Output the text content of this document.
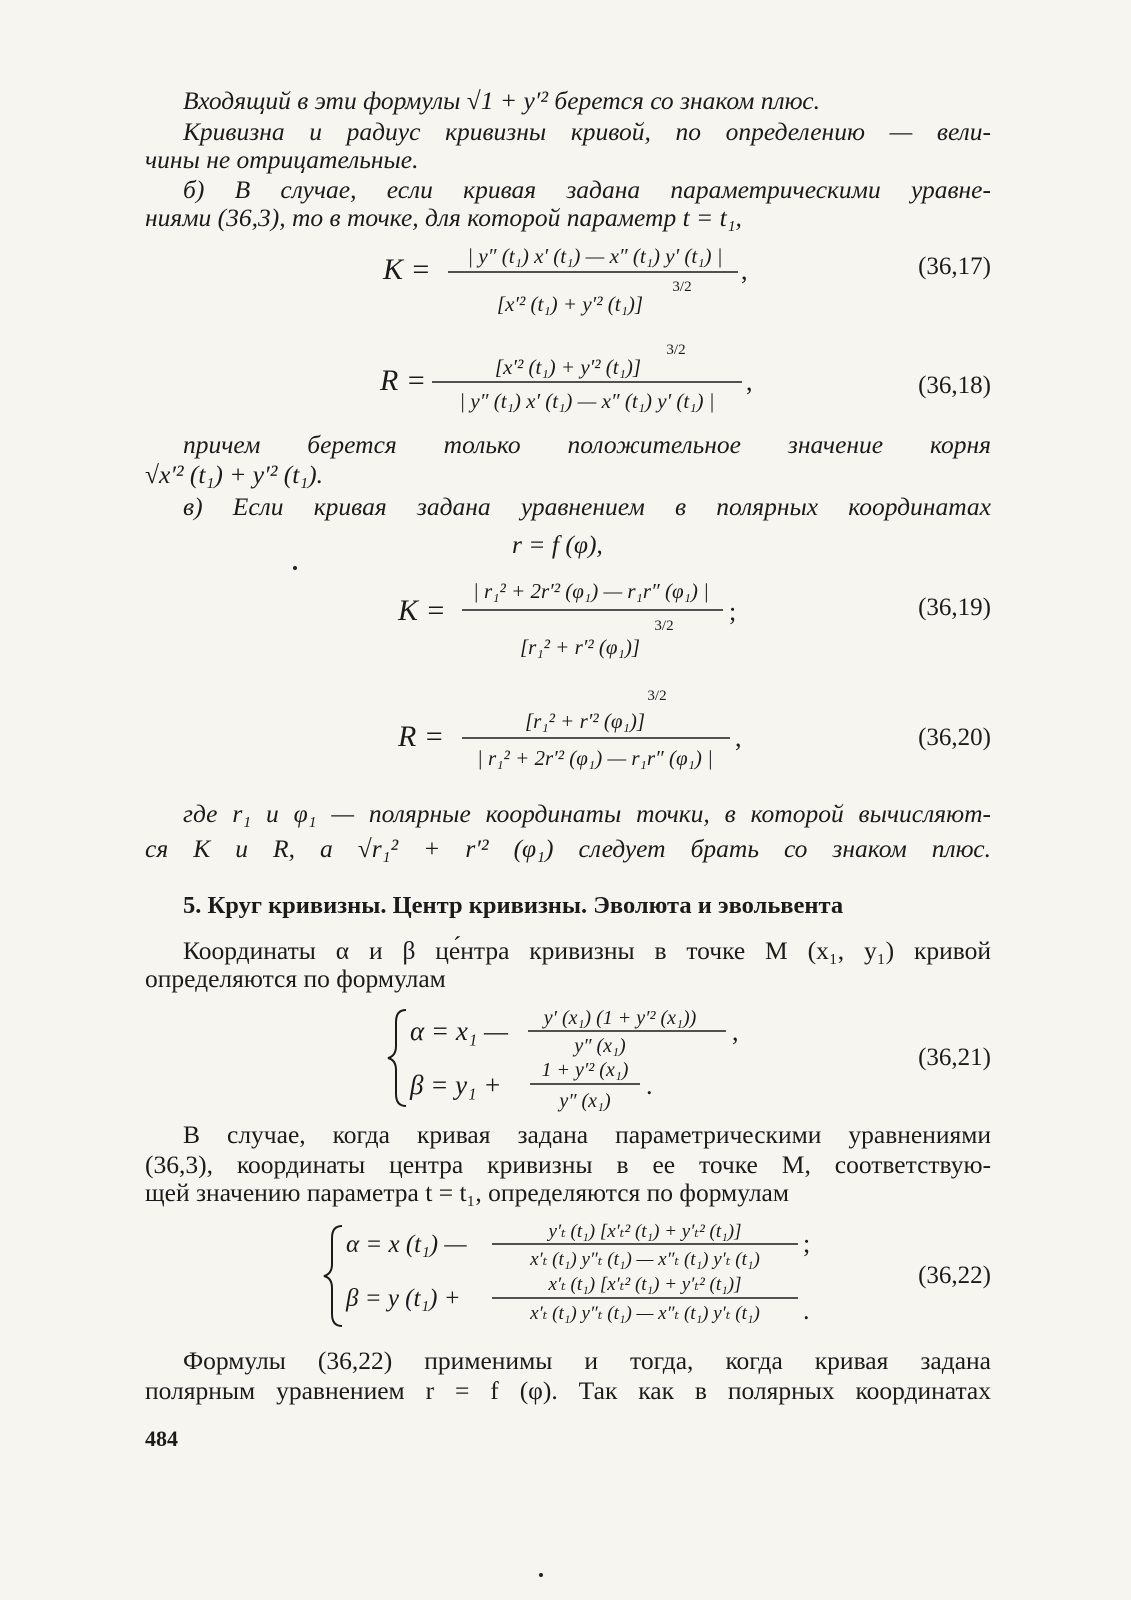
Входящий в эти формулы √1 + y′² берется со знаком плюс.
Кривизна и радиус кривизны кривой, по определению — вели-
чины не отрицательные.
б) В случае, если кривая задана параметрическими уравне-
ниями (36,3), то в точке, для которой параметр t = t₁,
K = | y″ (t₁) x′ (t₁) — x″ (t₁) y′ (t₁) |
[x′² (t₁) + y′² (t₁)]
3/2
,	(36,17)
R =	[x′² (t₁) + y′² (t₁)]
3/2
| y″ (t₁) x′ (t₁) — x″ (t₁) y′ (t₁) |
,	(36,18)
причем берется только положительное значение корня
√x′² (t₁) + y′² (t₁).
в) Если кривая задана уравнением в полярных координатах
r = f (φ),
K =
| r₁² + 2r′² (φ₁) — r₁r″ (φ₁) |
[r₁² + r′² (φ₁)]
3/2 ;	(36,19)
R =	[r₁² + r′² (φ₁)]
3/2
| r₁² + 2r′² (φ₁) — r₁r″ (φ₁) |
,	(36,20)
где r₁ и φ₁ — полярные координаты точки, в которой вычисляют-
ся K и R, а √r₁² + r′² (φ₁) следует брать со знаком плюс.
5. Круг кривизны. Центр кривизны. Эволюта и эвольвента
Координаты α и β це́нтра кривизны в точке M (x₁, y₁) кривой
определяются по формулам
α = x₁ — y′ (x₁) (1 + y′² (x₁))
y″ (x₁)	,
β = y₁ + 1 + y′² (x₁)
y″ (x₁)
.
(36,21)
В случае, когда кривая задана параметрическими уравнениями
(36,3), координаты центра кривизны в ее точке M, соответствую-
щей значению параметра t = t₁, определяются по формулам
α = x (t₁) —	y′ₜ (t₁) [x′ₜ² (t₁) + y′ₜ² (t₁)]
x′ₜ (t₁) y″ₜ (t₁) — x″ₜ (t₁) y′ₜ (t₁)
;
β = y (t₁) +
x′ₜ (t₁) [x′ₜ² (t₁) + y′ₜ² (t₁)]
x′ₜ (t₁) y″ₜ (t₁) — x″ₜ (t₁) y′ₜ (t₁) .
(36,22)
Формулы (36,22) применимы и тогда, когда кривая задана
полярным уравнением r = f (φ). Так как в полярных координатах
484
